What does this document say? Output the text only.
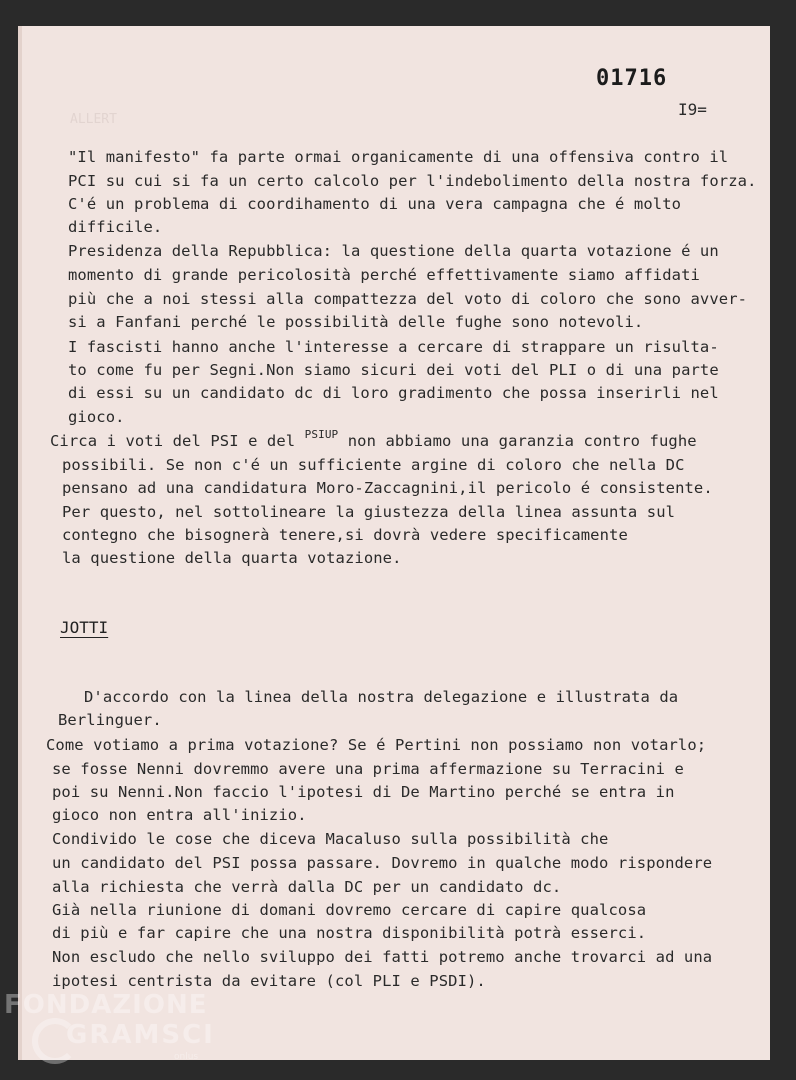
ALLERT
01716
I9=
"Il manifesto" fa parte ormai organicamente di una offensiva contro il
PCI su cui si fa un certo calcolo per l'indebolimento della nostra forza.
C'é un problema di coordihamento di una vera campagna che é molto
difficile.
Presidenza della Repubblica: la questione della quarta votazione é un
momento di grande pericolosità perché effettivamente siamo affidati
più che a noi stessi alla compattezza del voto di coloro che sono avver-
si a Fanfani perché le possibilità delle fughe sono notevoli.
I fascisti hanno anche l'interesse a cercare di strappare un risulta-
to come fu per Segni.Non siamo sicuri dei voti del PLI o di una parte
di essi su un candidato dc di loro gradimento che possa inserirli nel
gioco.
Circa i voti del PSI e del $^{PSIUP}$ non abbiamo una garanzia contro fughe
possibili. Se non c'é un sufficiente argine di coloro che nella DC
pensano ad una candidatura Moro-Zaccagnini,il pericolo é consistente.
Per questo, nel sottolineare la giustezza della linea assunta sul
contegno che bisognerà tenere,si dovrà vedere specificamente
la questione della quarta votazione.
JOTTI
D'accordo con la linea della nostra delegazione e illustrata da
Berlinguer.
Come votiamo a prima votazione? Se é Pertini non possiamo non votarlo;
se fosse Nenni dovremmo avere una prima affermazione su Terracini e
poi su Nenni.Non faccio l'ipotesi di De Martino perché se entra in
gioco non entra all'inizio.
Condivido le cose che diceva Macaluso sulla possibilità che
un candidato del PSI possa passare. Dovremo in qualche modo rispondere
alla richiesta che verrà dalla DC per un candidato dc.
Già nella riunione di domani dovremo cercare di capire qualcosa
di più e far capire che una nostra disponibilità potrà esserci.
Non escludo che nello sviluppo dei fatti potremo anche trovarci ad una
ipotesi centrista da evitare (col PLI e PSDI).
FONDAZIONE
GRAMSCI
onlus
